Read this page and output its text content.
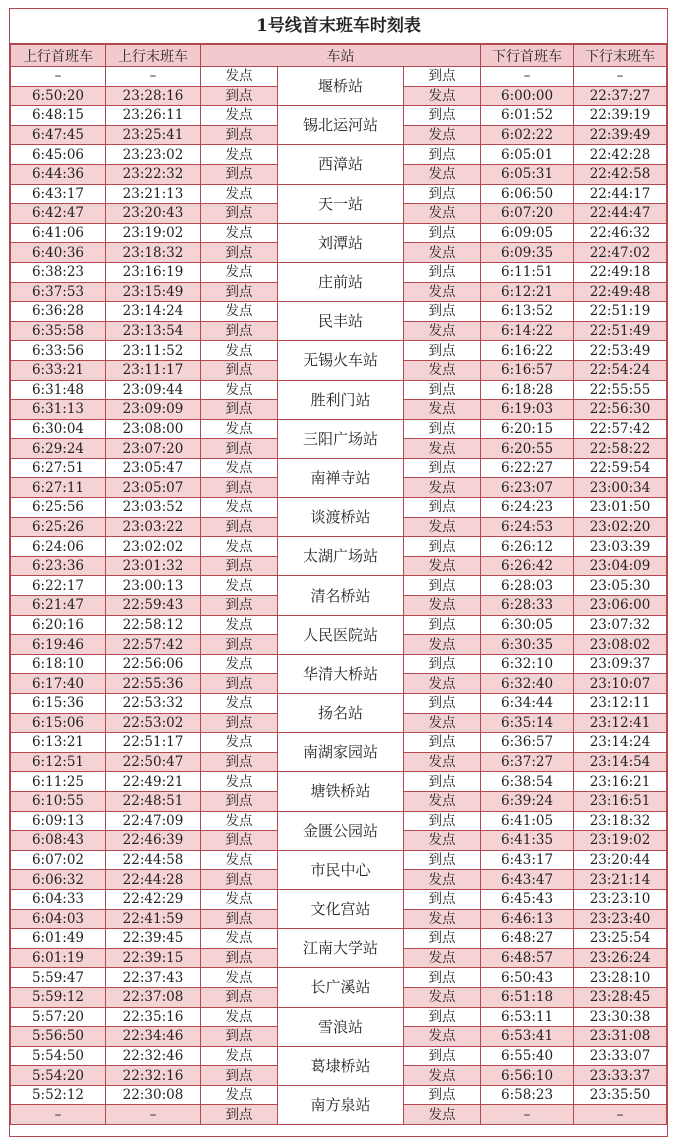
1号线首末班车时刻表
上行首班车	上行末班车	车站			下行首班车	下行末班车
–	–	发点	堰桥站	到点	–	–
6:50:20	23:28:16	到点		发点	6:00:00	22:37:27
6:48:15	23:26:11	发点	锡北运河站	到点	6:01:52	22:39:19
6:47:45	23:25:41	到点		发点	6:02:22	22:39:49
6:45:06	23:23:02	发点	西漳站	到点	6:05:01	22:42:28
6:44:36	23:22:32	到点		发点	6:05:31	22:42:58
6:43:17	23:21:13	发点	天一站	到点	6:06:50	22:44:17
6:42:47	23:20:43	到点		发点	6:07:20	22:44:47
6:41:06	23:19:02	发点	刘潭站	到点	6:09:05	22:46:32
6:40:36	23:18:32	到点		发点	6:09:35	22:47:02
6:38:23	23:16:19	发点	庄前站	到点	6:11:51	22:49:18
6:37:53	23:15:49	到点		发点	6:12:21	22:49:48
6:36:28	23:14:24	发点	民丰站	到点	6:13:52	22:51:19
6:35:58	23:13:54	到点		发点	6:14:22	22:51:49
6:33:56	23:11:52	发点	无锡火车站	到点	6:16:22	22:53:49
6:33:21	23:11:17	到点		发点	6:16:57	22:54:24
6:31:48	23:09:44	发点	胜利门站	到点	6:18:28	22:55:55
6:31:13	23:09:09	到点		发点	6:19:03	22:56:30
6:30:04	23:08:00	发点	三阳广场站	到点	6:20:15	22:57:42
6:29:24	23:07:20	到点		发点	6:20:55	22:58:22
6:27:51	23:05:47	发点	南禅寺站	到点	6:22:27	22:59:54
6:27:11	23:05:07	到点		发点	6:23:07	23:00:34
6:25:56	23:03:52	发点	谈渡桥站	到点	6:24:23	23:01:50
6:25:26	23:03:22	到点		发点	6:24:53	23:02:20
6:24:06	23:02:02	发点	太湖广场站	到点	6:26:12	23:03:39
6:23:36	23:01:32	到点		发点	6:26:42	23:04:09
6:22:17	23:00:13	发点	清名桥站	到点	6:28:03	23:05:30
6:21:47	22:59:43	到点		发点	6:28:33	23:06:00
6:20:16	22:58:12	发点	人民医院站	到点	6:30:05	23:07:32
6:19:46	22:57:42	到点		发点	6:30:35	23:08:02
6:18:10	22:56:06	发点	华清大桥站	到点	6:32:10	23:09:37
6:17:40	22:55:36	到点		发点	6:32:40	23:10:07
6:15:36	22:53:32	发点	扬名站	到点	6:34:44	23:12:11
6:15:06	22:53:02	到点		发点	6:35:14	23:12:41
6:13:21	22:51:17	发点	南湖家园站	到点	6:36:57	23:14:24
6:12:51	22:50:47	到点		发点	6:37:27	23:14:54
6:11:25	22:49:21	发点	塘铁桥站	到点	6:38:54	23:16:21
6:10:55	22:48:51	到点		发点	6:39:24	23:16:51
6:09:13	22:47:09	发点	金匮公园站	到点	6:41:05	23:18:32
6:08:43	22:46:39	到点		发点	6:41:35	23:19:02
6:07:02	22:44:58	发点	市民中心	到点	6:43:17	23:20:44
6:06:32	22:44:28	到点		发点	6:43:47	23:21:14
6:04:33	22:42:29	发点	文化宫站	到点	6:45:43	23:23:10
6:04:03	22:41:59	到点		发点	6:46:13	23:23:40
6:01:49	22:39:45	发点	江南大学站	到点	6:48:27	23:25:54
6:01:19	22:39:15	到点		发点	6:48:57	23:26:24
5:59:47	22:37:43	发点	长广溪站	到点	6:50:43	23:28:10
5:59:12	22:37:08	到点		发点	6:51:18	23:28:45
5:57:20	22:35:16	发点	雪浪站	到点	6:53:11	23:30:38
5:56:50	22:34:46	到点		发点	6:53:41	23:31:08
5:54:50	22:32:46	发点	葛埭桥站	到点	6:55:40	23:33:07
5:54:20	22:32:16	到点		发点	6:56:10	23:33:37
5:52:12	22:30:08	发点	南方泉站	到点	6:58:23	23:35:50
–	–	到点		发点	–	–
